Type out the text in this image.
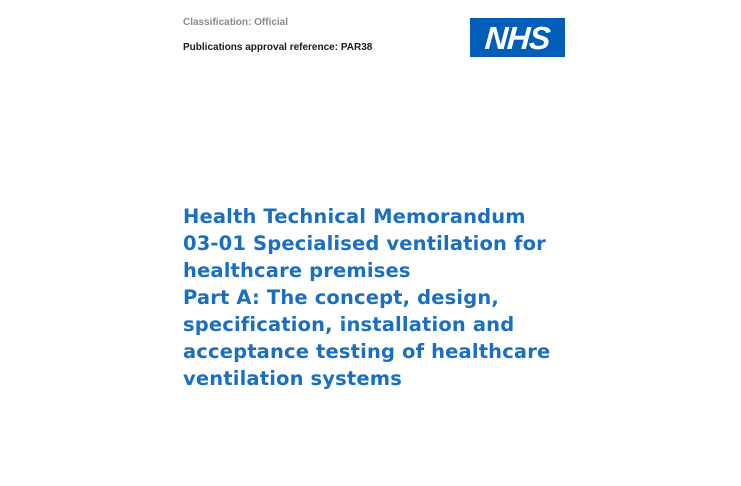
Classification: Official
Publications approval reference: PAR38	NHS
Health Technical Memorandum
03-01 Specialised ventilation for
healthcare premises
Part A: The concept, design,
specification, installation and
acceptance testing of healthcare
ventilation systems
